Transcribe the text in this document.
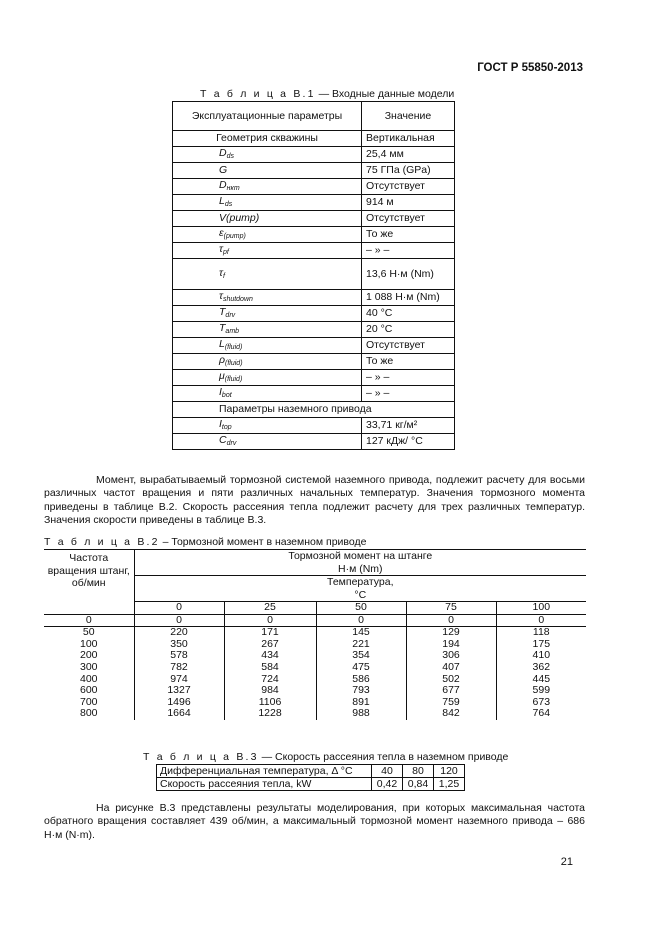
ГОСТ Р 55850-2013
Т а б л и ц а В.1 — Входные данные модели
Эксплуатационные параметры	Значение
Геометрия скважины	Вертикальная
$D_{ds}$	25,4 мм
G	75 ГПа (GPa)
$D_{нкт}$	Отсутствует
$L_{ds}$	914 м
V(pump)	Отсутствует
$\varepsilon_{(pump)}$	То же
$\tau_{pf}$	– » –
$\tau_f$	13,6 Н·м (Nm)
$\tau_{shutdown}$	1 088 Н·м (Nm)
$T_{drv}$	40 °С
$T_{amb}$	20 °С
$L_{(fluid)}$	Отсутствует
$\rho_{(fluid)}$	То же
$\mu_{(fluid)}$	– » –
$I_{bot}$	– » –
Параметры наземного привода	
$I_{top}$	33,71 кг/м²
$C_{drv}$	127 кДж/ °С

Момент, вырабатываемый тормозной системой наземного привода, подлежит расчету для восьми различных частот вращения и пяти различных начальных температур. Значения тормозного момента приведены в таблице В.2. Скорость рассеяния тепла подлежит расчету для трех различных температур. Значения скорости приведены в таблице В.3.

Т а б л и ц а В.2 – Тормозной момент в наземном приводе
Частота вращения штанг, об/мин	Тормозной момент на штанге
Н·м (Nm)				

	Температура,
°С				

	0	25	50	75	100
0	0	0	0	0	0
50	220	171	145	129	118
100	350	267	221	194	175
200	578	434	354	306	410
300	782	584	475	407	362
400	974	724	586	502	445
600	1327	984	793	677	599
700	1496	1106	891	759	673
800	1664	1228	988	842	764
Т а б л и ц а В.3 — Скорость рассеяния тепла в наземном приводе
Дифференциальная температура, Δ °С	40	80	120
Скорость рассеяния тепла, kW	0,42	0,84	1,25

На рисунке В.3 представлены результаты моделирования, при которых максимальная частота обратного вращения составляет 439 об/мин, а максимальный тормозной момент наземного привода – 686 Н·м (N·m).

21
